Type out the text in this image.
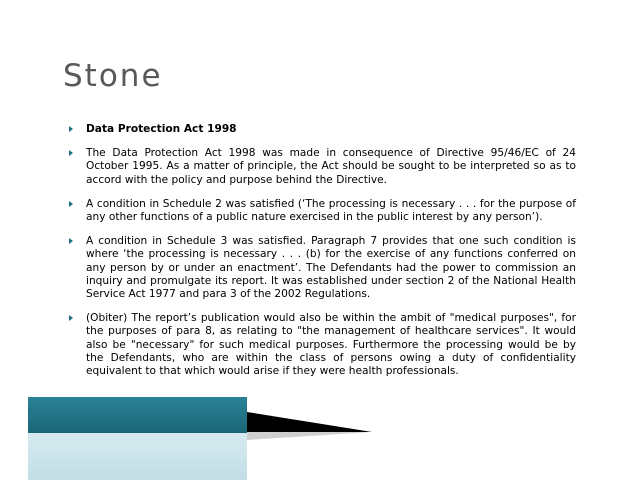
Stone
Data Protection Act 1998
The Data Protection Act 1998 was made in consequence of Directive 95/46/EC of 24 October 1995. As a matter of principle, the Act should be sought to be interpreted so as to accord with the policy and purpose behind the Directive.
A condition in Schedule 2 was satisfied (‘The processing is necessary . . . for the purpose of any other functions of a public nature exercised in the public interest by any person’).
A condition in Schedule 3 was satisfied. Paragraph 7 provides that one such condition is where ‘the processing is necessary . . . (b) for the exercise of any functions conferred on any person by or under an enactment’. The Defendants had the power to commission an inquiry and promulgate its report. It was established under section 2 of the National Health Service Act 1977 and para 3 of the 2002 Regulations.
(Obiter) The report’s publication would also be within the ambit of "medical purposes", for the purposes of para 8, as relating to "the management of healthcare services". It would also be "necessary" for such medical purposes. Furthermore the processing would be by the Defendants, who are within the class of persons owing a duty of confidentiality equivalent to that which would arise if they were health professionals.
